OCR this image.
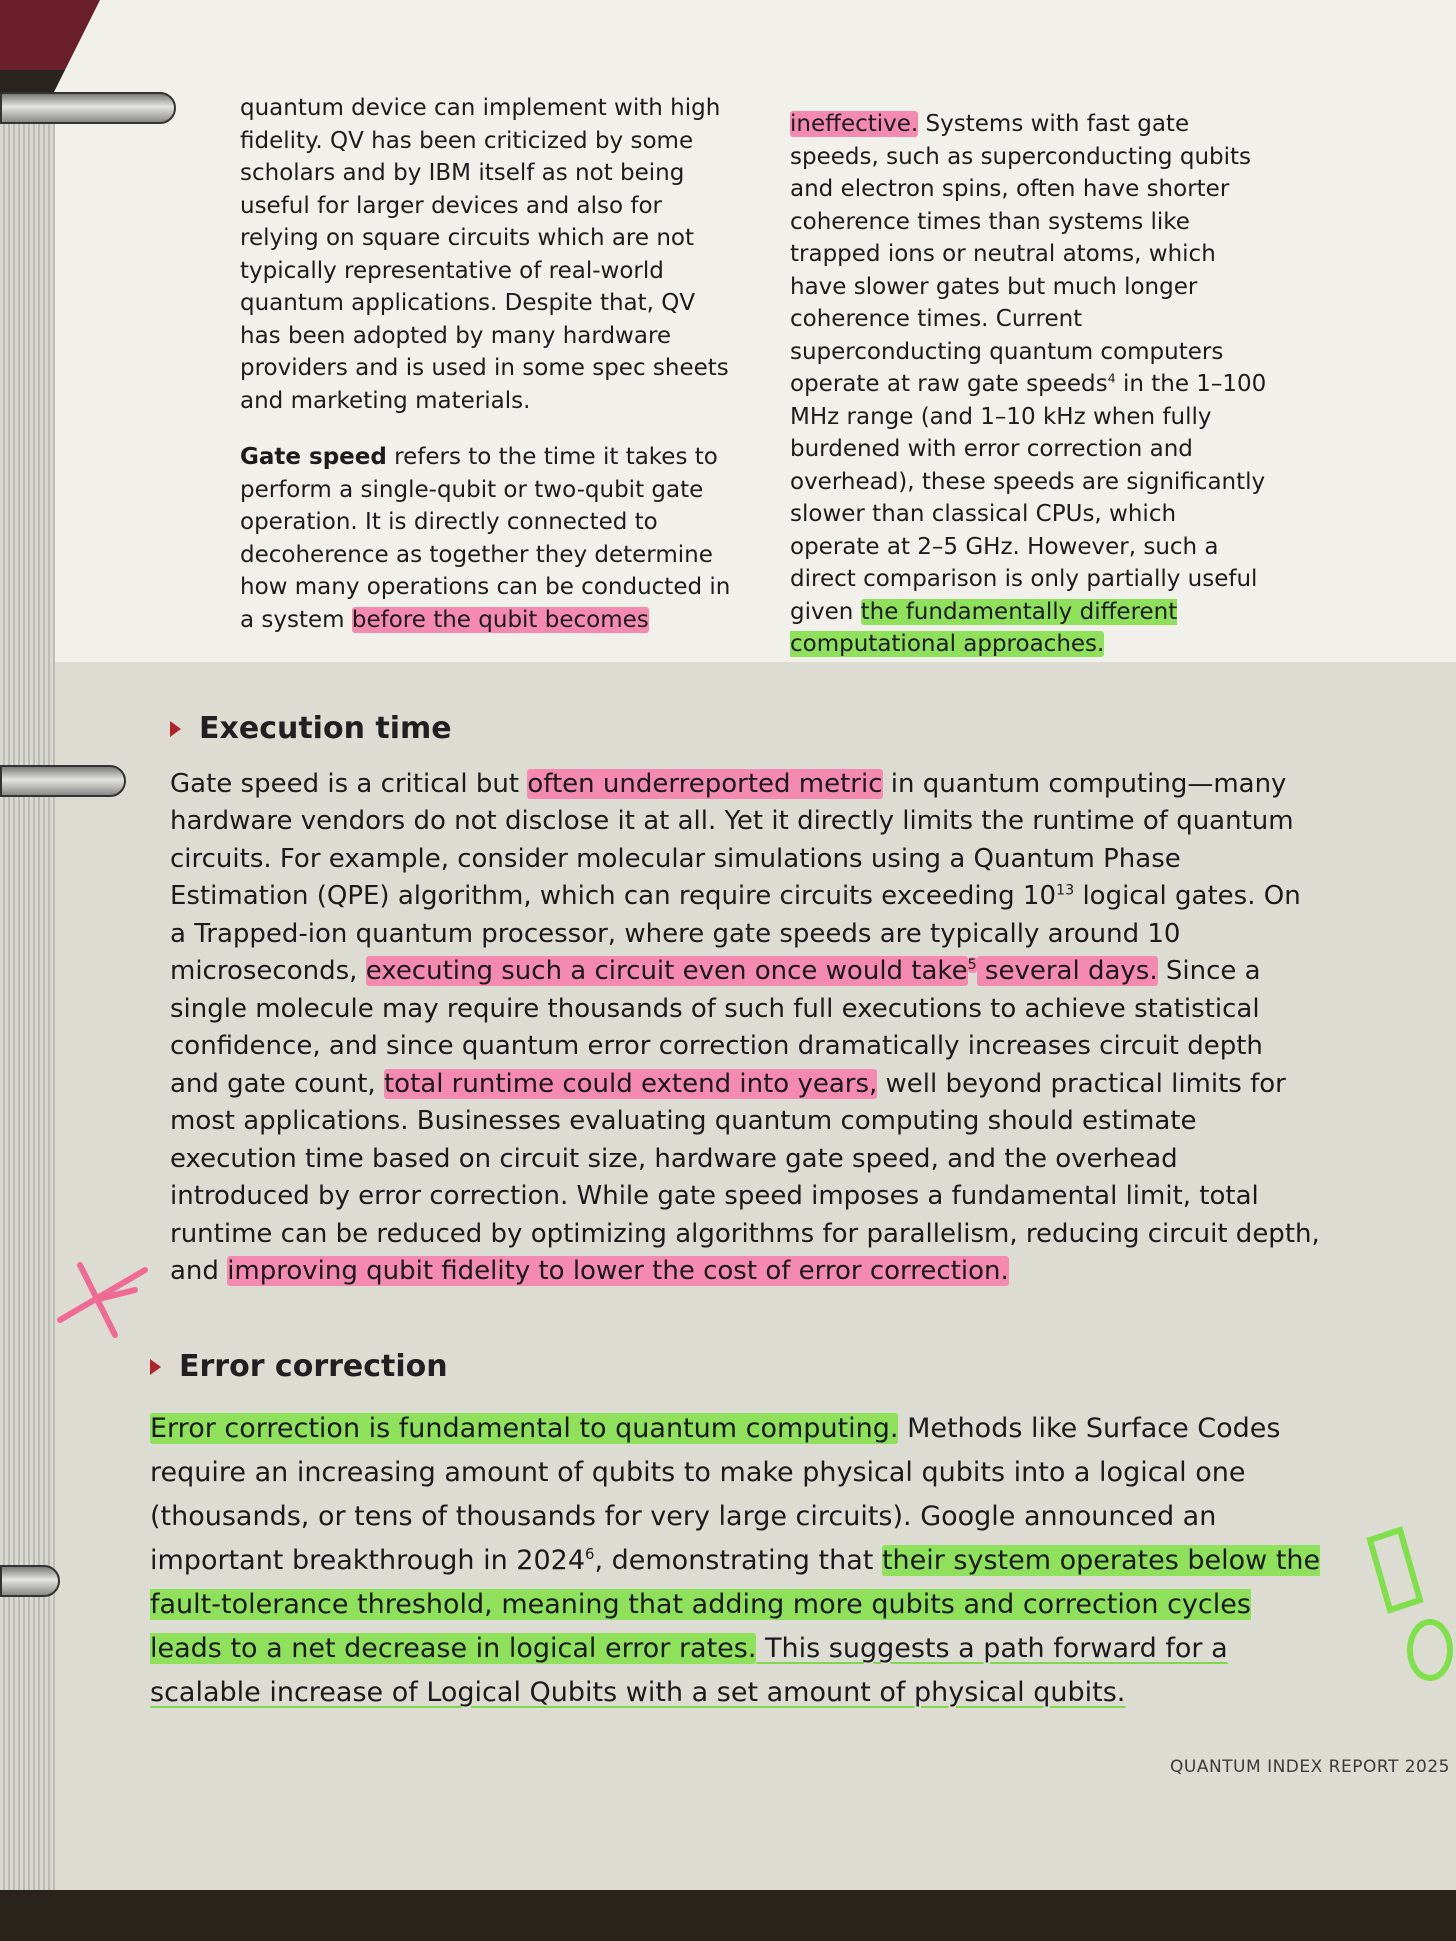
quantum device can implement with high fidelity. QV has been criticized by some scholars and by IBM itself as not being useful for larger devices and also for relying on square circuits which are not typically representative of real-world quantum applications. Despite that, QV has been adopted by many hardware providers and is used in some spec sheets and marketing materials.

Gate speed refers to the time it takes to perform a single-qubit or two-qubit gate operation. It is directly connected to decoherence as together they determine how many operations can be conducted in a system before the qubit becomes

ineffective. Systems with fast gate speeds, such as superconducting qubits and electron spins, often have shorter coherence times than systems like trapped ions or neutral atoms, which have slower gates but much longer coherence times. Current superconducting quantum computers operate at raw gate speeds$^4$ in the 1–100 MHz range (and 1–10 kHz when fully burdened with error correction and overhead), these speeds are significantly slower than classical CPUs, which operate at 2–5 GHz. However, such a direct comparison is only partially useful given the fundamentally different computational approaches.

Execution time

Gate speed is a critical but often underreported metric in quantum computing—many hardware vendors do not disclose it at all. Yet it directly limits the runtime of quantum circuits. For example, consider molecular simulations using a Quantum Phase Estimation (QPE) algorithm, which can require circuits exceeding $10^{13}$ logical gates. On a Trapped-ion quantum processor, where gate speeds are typically around 10 microseconds, executing such a circuit even once would take$^5$ several days. Since a single molecule may require thousands of such full executions to achieve statistical confidence, and since quantum error correction dramatically increases circuit depth and gate count, total runtime could extend into years, well beyond practical limits for most applications. Businesses evaluating quantum computing should estimate execution time based on circuit size, hardware gate speed, and the overhead introduced by error correction. While gate speed imposes a fundamental limit, total runtime can be reduced by optimizing algorithms for parallelism, reducing circuit depth, and improving qubit fidelity to lower the cost of error correction.

Error correction

Error correction is fundamental to quantum computing. Methods like Surface Codes require an increasing amount of qubits to make physical qubits into a logical one (thousands, or tens of thousands for very large circuits). Google announced an important breakthrough in 2024$^6$, demonstrating that their system operates below the fault-tolerance threshold, meaning that adding more qubits and correction cycles leads to a net decrease in logical error rates. This suggests a path forward for a scalable increase of Logical Qubits with a set amount of physical qubits.

QUANTUM INDEX REPORT 2025
